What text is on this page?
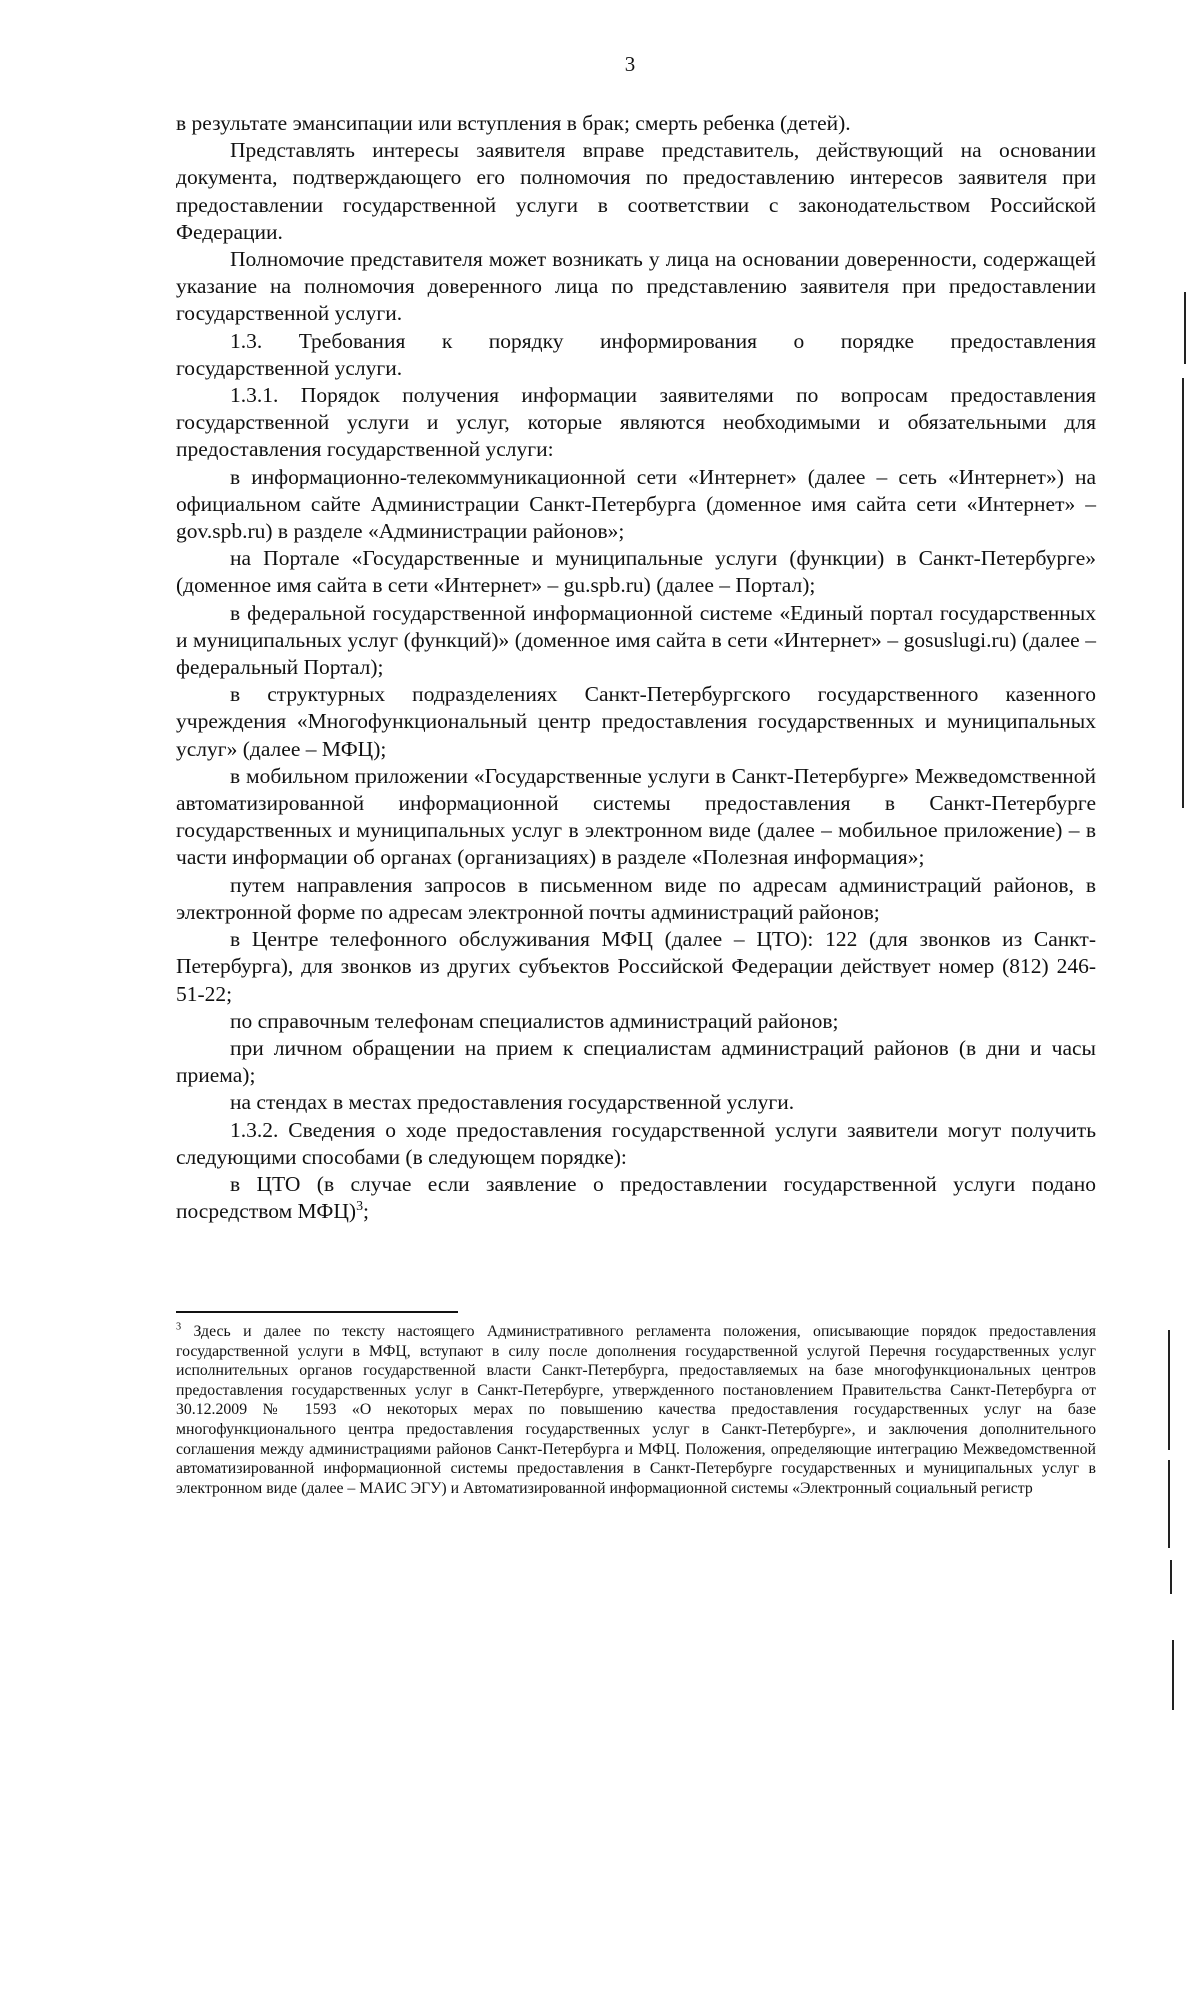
3

в результате эмансипации или вступления в брак; смерть ребенка (детей).

Представлять интересы заявителя вправе представитель, действующий на основании документа, подтверждающего его полномочия по предоставлению интересов заявителя при предоставлении государственной услуги в соответствии с законодательством Российской Федерации.

Полномочие представителя может возникать у лица на основании доверенности, содержащей указание на полномочия доверенного лица по представлению заявителя при предоставлении государственной услуги.

1.3. Требования к порядку информирования о порядке предоставления

государственной услуги.

1.3.1. Порядок получения информации заявителями по вопросам предоставления государственной услуги и услуг, которые являются необходимыми и обязательными для предоставления государственной услуги:

в информационно-телекоммуникационной сети «Интернет» (далее – сеть «Интернет») на официальном сайте Администрации Санкт-Петербурга (доменное имя сайта сети «Интернет» – gov.spb.ru) в разделе «Администрации районов»;

на Портале «Государственные и муниципальные услуги (функции) в Санкт-Петербурге» (доменное имя сайта в сети «Интернет» – gu.spb.ru) (далее – Портал);

в федеральной государственной информационной системе «Единый портал государственных и муниципальных услуг (функций)» (доменное имя сайта в сети «Интернет» – gosuslugi.ru) (далее – федеральный Портал);

в структурных подразделениях Санкт-Петербургского государственного казенного учреждения «Многофункциональный центр предоставления государственных и муниципальных услуг» (далее – МФЦ);

в мобильном приложении «Государственные услуги в Санкт-Петербурге» Межведомственной автоматизированной информационной системы предоставления в Санкт-Петербурге государственных и муниципальных услуг в электронном виде (далее – мобильное приложение) – в части информации об органах (организациях) в разделе «Полезная информация»;

путем направления запросов в письменном виде по адресам администраций районов, в электронной форме по адресам электронной почты администраций районов;

в Центре телефонного обслуживания МФЦ (далее – ЦТО): 122 (для звонков из Санкт-Петербурга), для звонков из других субъектов Российской Федерации действует номер (812) 246-51-22;

по справочным телефонам специалистов администраций районов;

при личном обращении на прием к специалистам администраций районов (в дни и часы приема);

на стендах в местах предоставления государственной услуги.

1.3.2. Сведения о ходе предоставления государственной услуги заявители могут получить следующими способами (в следующем порядке):

в ЦТО (в случае если заявление о предоставлении государственной услуги подано посредством МФЦ)$^3$;

$^3$ Здесь и далее по тексту настоящего Административного регламента положения, описывающие порядок предоставления государственной услуги в МФЦ, вступают в силу после дополнения государственной услугой Перечня государственных услуг исполнительных органов государственной власти Санкт-Петербурга, предоставляемых на базе многофункциональных центров предоставления государственных услуг в Санкт-Петербурге, утвержденного постановлением Правительства Санкт-Петербурга от 30.12.2009 № 1593 «О некоторых мерах по повышению качества предоставления государственных услуг на базе многофункционального центра предоставления государственных услуг в Санкт-Петербурге», и заключения дополнительного соглашения между администрациями районов Санкт-Петербурга и МФЦ. Положения, определяющие интеграцию Межведомственной автоматизированной информационной системы предоставления в Санкт-Петербурге государственных и муниципальных услуг в электронном виде (далее – МАИС ЭГУ) и Автоматизированной информационной системы «Электронный социальный регистр
